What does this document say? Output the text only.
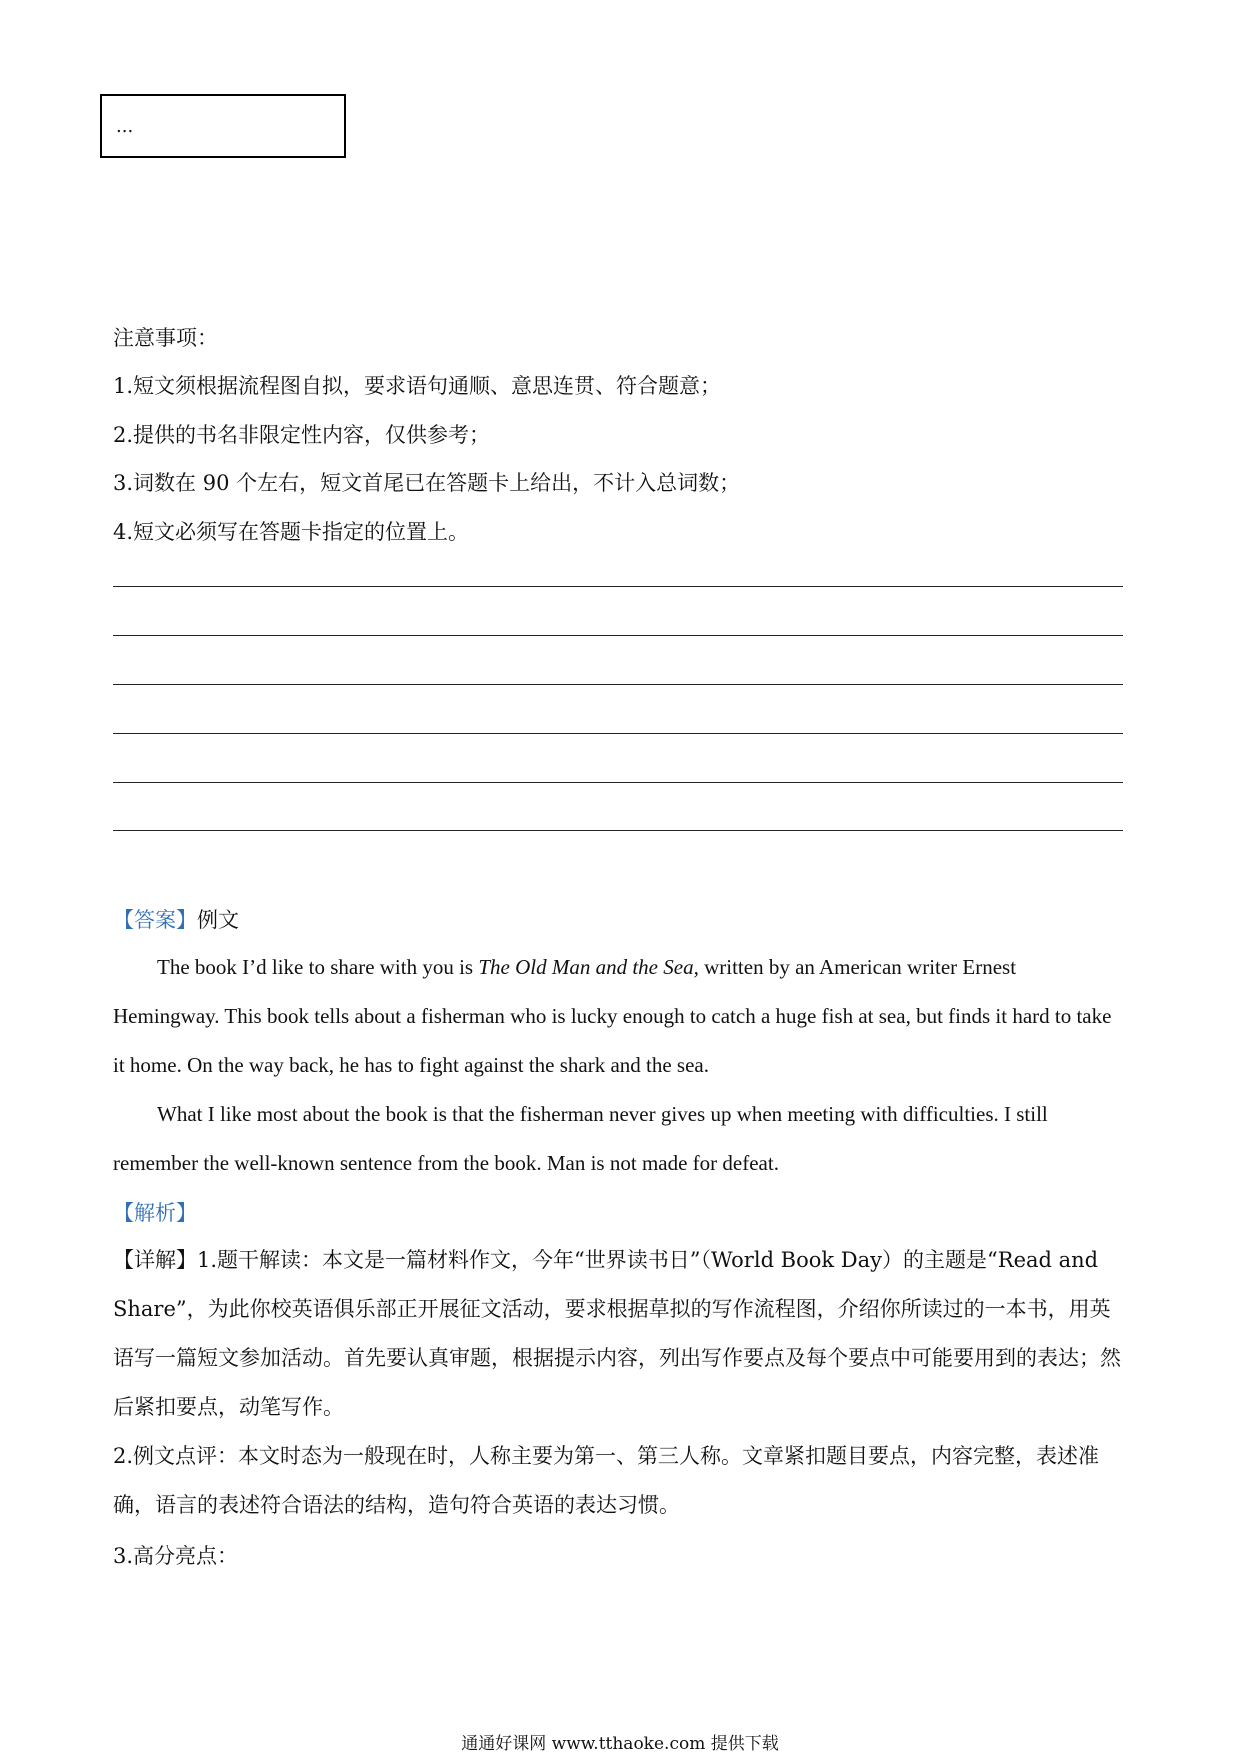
...
注意事项：
1.短文须根据流程图自拟，要求语句通顺、意思连贯、符合题意；
2.提供的书名非限定性内容，仅供参考；
3.词数在 90 个左右，短文首尾已在答题卡上给出，不计入总词数；
4.短文必须写在答题卡指定的位置上。
【答案】例文
The book I’d like to share with you is The Old Man and the Sea, written by an American writer Ernest Hemingway. This book tells about a fisherman who is lucky enough to catch a huge fish at sea, but finds it hard to take it home. On the way back, he has to fight against the shark and the sea.
What I like most about the book is that the fisherman never gives up when meeting with difficulties. I still remember the well-known sentence from the book. Man is not made for defeat.
【解析】
【详解】1.题干解读：本文是一篇材料作文，今年“世界读书日”（World Book Day）的主题是“Read and Share”，为此你校英语俱乐部正开展征文活动，要求根据草拟的写作流程图，介绍你所读过的一本书，用英语写一篇短文参加活动。首先要认真审题，根据提示内容，列出写作要点及每个要点中可能要用到的表达；然后紧扣要点，动笔写作。
2.例文点评：本文时态为一般现在时，人称主要为第一、第三人称。文章紧扣题目要点，内容完整，表述准确，语言的表述符合语法的结构，造句符合英语的表达习惯。
3.高分亮点：
通通好课网 www.tthaoke.com 提供下载
